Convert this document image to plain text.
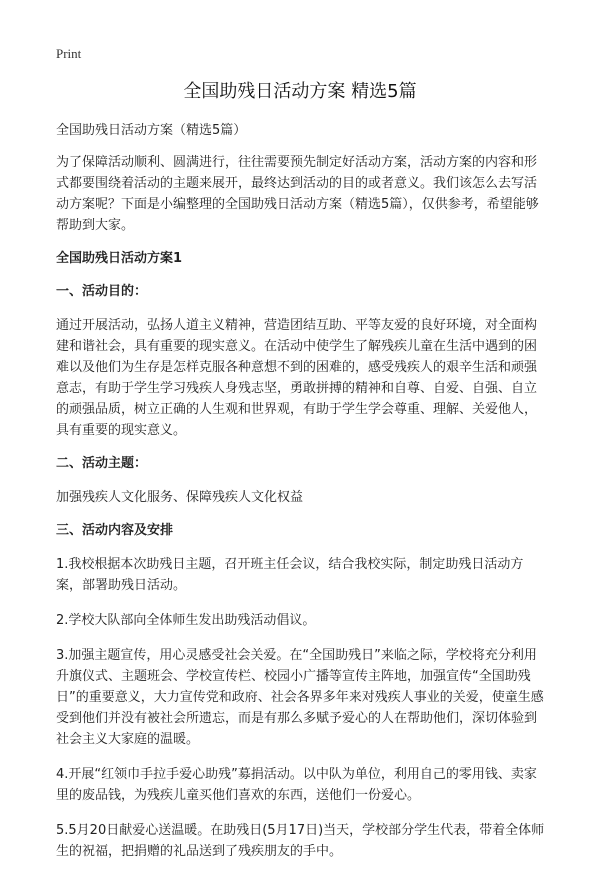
Print
全国助残日活动方案 精选5篇
全国助残日活动方案（精选5篇）

为了保障活动顺利、圆满进行，往往需要预先制定好活动方案，活动方案的内容和形式都要围绕着活动的主题来展开，最终达到活动的目的或者意义。我们该怎么去写活动方案呢？下面是小编整理的全国助残日活动方案（精选5篇），仅供参考，希望能够帮助到大家。

全国助残日活动方案1
一、活动目的：

通过开展活动，弘扬人道主义精神，营造团结互助、平等友爱的良好环境，对全面构建和谐社会，具有重要的现实意义。在活动中使学生了解残疾儿童在生活中遇到的困难以及他们为生存是怎样克服各种意想不到的困难的，感受残疾人的艰辛生活和顽强意志，有助于学生学习残疾人身残志坚，勇敢拼搏的精神和自尊、自爱、自强、自立的顽强品质，树立正确的人生观和世界观，有助于学生学会尊重、理解、关爱他人，具有重要的现实意义。

二、活动主题：

加强残疾人文化服务、保障残疾人文化权益

三、活动内容及安排
1.我校根据本次助残日主题，召开班主任会议，结合我校实际，制定助残日活动方案，部署助残日活动。
2.学校大队部向全体师生发出助残活动倡议。
3.加强主题宣传，用心灵感受社会关爱。在“全国助残日”来临之际，学校将充分利用升旗仪式、主题班会、学校宣传栏、校园小广播等宣传主阵地，加强宣传“全国助残日”的重要意义，大力宣传党和政府、社会各界多年来对残疾人事业的关爱，使童生感受到他们并没有被社会所遗忘，而是有那么多赋予爱心的人在帮助他们，深切体验到社会主义大家庭的温暖。
4.开展“红领巾手拉手爱心助残”募捐活动。以中队为单位，利用自己的零用钱、卖家里的废品钱，为残疾儿童买他们喜欢的东西，送他们一份爱心。
5.5月20日献爱心送温暖。在助残日(5月17日)当天，学校部分学生代表，带着全体师生的祝福，把捐赠的礼品送到了残疾朋友的手中。
